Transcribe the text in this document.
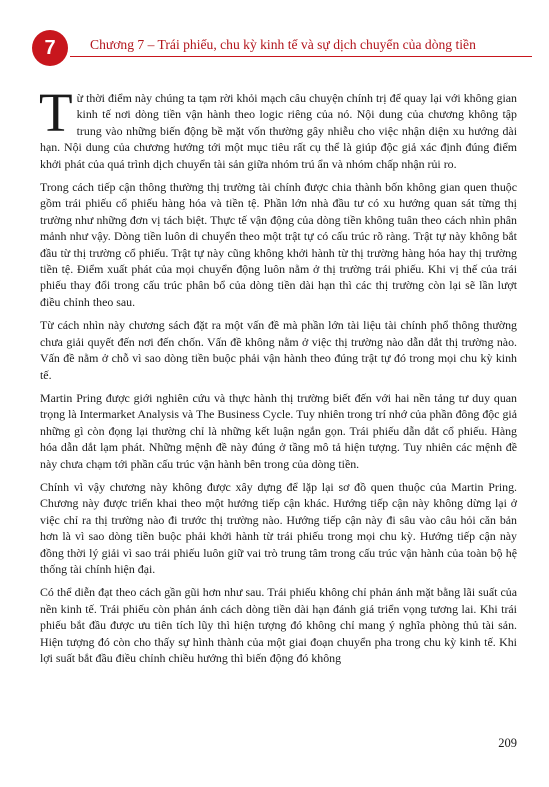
7	Chương 7 – Trái phiếu, chu kỳ kinh tế và sự dịch chuyển của dòng tiền

Từ thời điểm này chúng ta tạm rời khỏi mạch câu chuyện chính trị để quay lại với không gian kinh tế nơi dòng tiền vận hành theo logic riêng của nó. Nội dung của chương không tập trung vào những biến động bề mặt vốn thường gây nhiễu cho việc nhận diện xu hướng dài hạn. Nội dung của chương hướng tới một mục tiêu rất cụ thể là giúp độc giả xác định đúng điểm khởi phát của quá trình dịch chuyển tài sản giữa nhóm trú ẩn và nhóm chấp nhận rủi ro.

Trong cách tiếp cận thông thường thị trường tài chính được chia thành bốn không gian quen thuộc gồm trái phiếu cổ phiếu hàng hóa và tiền tệ. Phần lớn nhà đầu tư có xu hướng quan sát từng thị trường như những đơn vị tách biệt. Thực tế vận động của dòng tiền không tuân theo cách nhìn phân mảnh như vậy. Dòng tiền luôn di chuyển theo một trật tự có cấu trúc rõ ràng. Trật tự này không bắt đầu từ thị trường cổ phiếu. Trật tự này cũng không khởi hành từ thị trường hàng hóa hay thị trường tiền tệ. Điểm xuất phát của mọi chuyển động luôn nằm ở thị trường trái phiếu. Khi vị thế của trái phiếu thay đổi trong cấu trúc phân bổ của dòng tiền dài hạn thì các thị trường còn lại sẽ lần lượt điều chỉnh theo sau.

Từ cách nhìn này chương sách đặt ra một vấn đề mà phần lớn tài liệu tài chính phổ thông thường chưa giải quyết đến nơi đến chốn. Vấn đề không nằm ở việc thị trường nào dẫn dắt thị trường nào. Vấn đề nằm ở chỗ vì sao dòng tiền buộc phải vận hành theo đúng trật tự đó trong mọi chu kỳ kinh tế.

Martin Pring được giới nghiên cứu và thực hành thị trường biết đến với hai nền tảng tư duy quan trọng là Intermarket Analysis và The Business Cycle. Tuy nhiên trong trí nhớ của phần đông độc giả những gì còn đọng lại thường chỉ là những kết luận ngắn gọn. Trái phiếu dẫn dắt cổ phiếu. Hàng hóa dẫn dắt lạm phát. Những mệnh đề này đúng ở tầng mô tả hiện tượng. Tuy nhiên các mệnh đề này chưa chạm tới phần cấu trúc vận hành bên trong của dòng tiền.

Chính vì vậy chương này không được xây dựng để lặp lại sơ đồ quen thuộc của Martin Pring. Chương này được triển khai theo một hướng tiếp cận khác. Hướng tiếp cận này không dừng lại ở việc chỉ ra thị trường nào đi trước thị trường nào. Hướng tiếp cận này đi sâu vào câu hỏi căn bản hơn là vì sao dòng tiền buộc phải khởi hành từ trái phiếu trong mọi chu kỳ. Hướng tiếp cận này đồng thời lý giải vì sao trái phiếu luôn giữ vai trò trung tâm trong cấu trúc vận hành của toàn bộ hệ thống tài chính hiện đại.

Có thể diễn đạt theo cách gần gũi hơn như sau. Trái phiếu không chỉ phản ánh mặt bằng lãi suất của nền kinh tế. Trái phiếu còn phản ánh cách dòng tiền dài hạn đánh giá triển vọng tương lai. Khi trái phiếu bắt đầu được ưu tiên tích lũy thì hiện tượng đó không chỉ mang ý nghĩa phòng thủ tài sản. Hiện tượng đó còn cho thấy sự hình thành của một giai đoạn chuyển pha trong chu kỳ kinh tế. Khi lợi suất bắt đầu điều chỉnh chiều hướng thì biến động đó không

209
